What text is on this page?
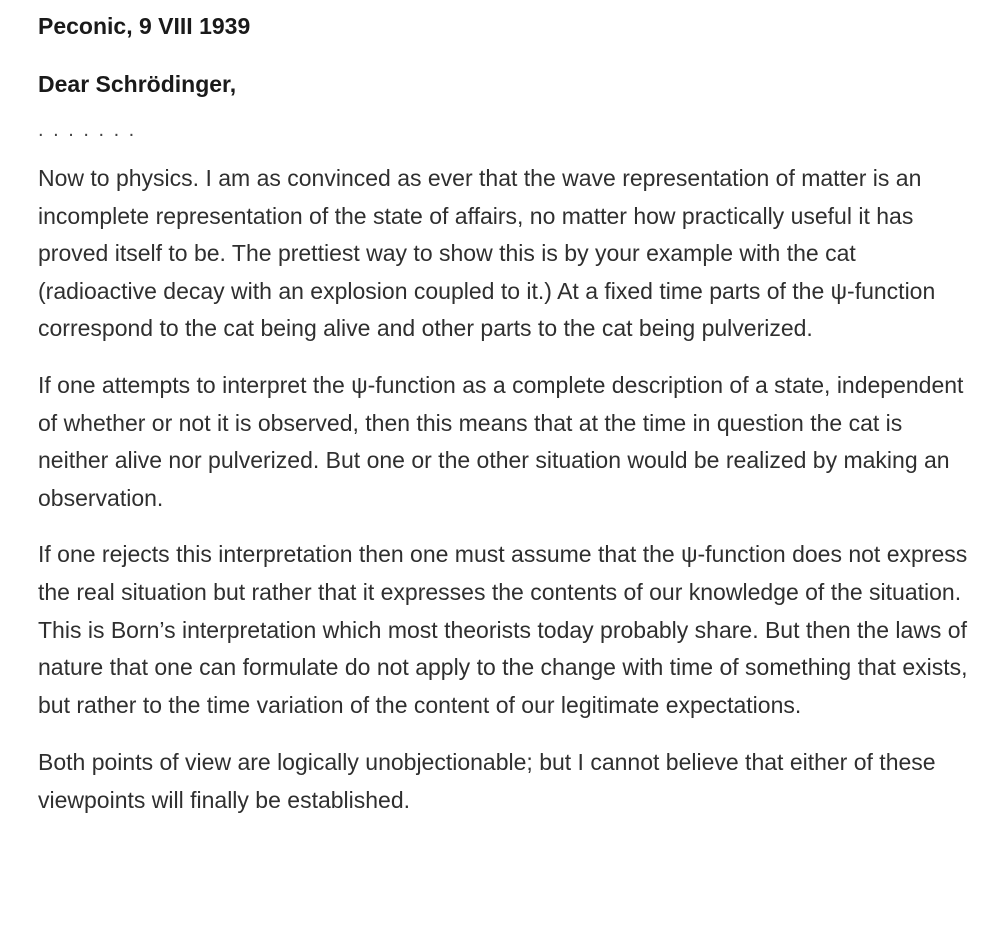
Peconic, 9 VIII 1939

Dear Schrödinger,

. . . . . . .

Now to physics. I am as convinced as ever that the wave representation of matter is an incomplete representation of the state of affairs, no matter how practically useful it has proved itself to be. The prettiest way to show this is by your example with the cat (radioactive decay with an explosion coupled to it.) At a fixed time parts of the ψ-function correspond to the cat being alive and other parts to the cat being pulverized.

If one attempts to interpret the ψ-function as a complete description of a state, independent of whether or not it is observed, then this means that at the time in question the cat is neither alive nor pulverized. But one or the other situation would be realized by making an observation.

If one rejects this interpretation then one must assume that the ψ-function does not express the real situation but rather that it expresses the contents of our knowledge of the situation. This is Born’s interpretation which most theorists today probably share. But then the laws of nature that one can formulate do not apply to the change with time of something that exists, but rather to the time variation of the content of our legitimate expectations.

Both points of view are logically unobjectionable; but I cannot believe that either of these viewpoints will finally be established.
